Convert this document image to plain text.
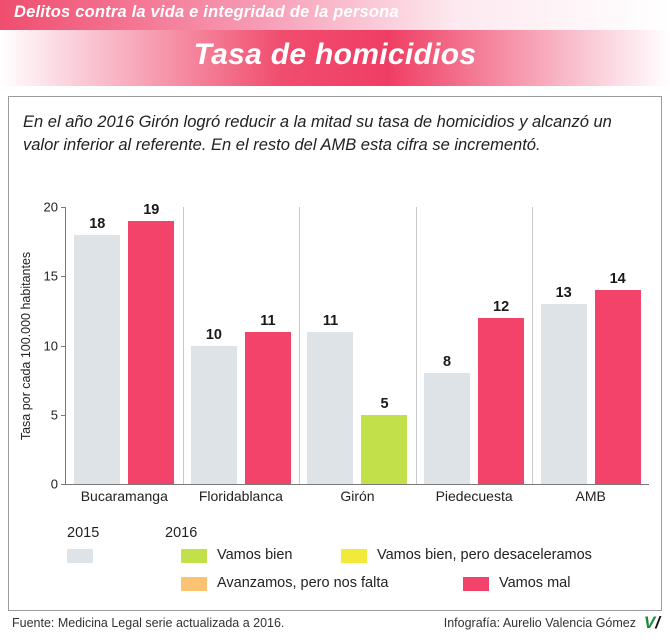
Delitos contra la vida e integridad de la persona
Tasa de homicidios
En el año 2016 Girón logró reducir a la mitad su tasa de homicidios y alcanzó un valor inferior al referente. En el resto del AMB esta cifra se incrementó.
Tasa por cada 100.000 habitantes
0
5
10
15
20
18
19
Bucaramanga
10
11
Floridablanca
11
5
Girón
8
12
Piedecuesta
13
14
AMB
2015	2016
Vamos bien	Vamos bien, pero desaceleramos
Avanzamos, pero nos falta	Vamos mal
Fuente: Medicina Legal serie actualizada a 2016.	Infografía: Aurelio Valencia Gómez V/
